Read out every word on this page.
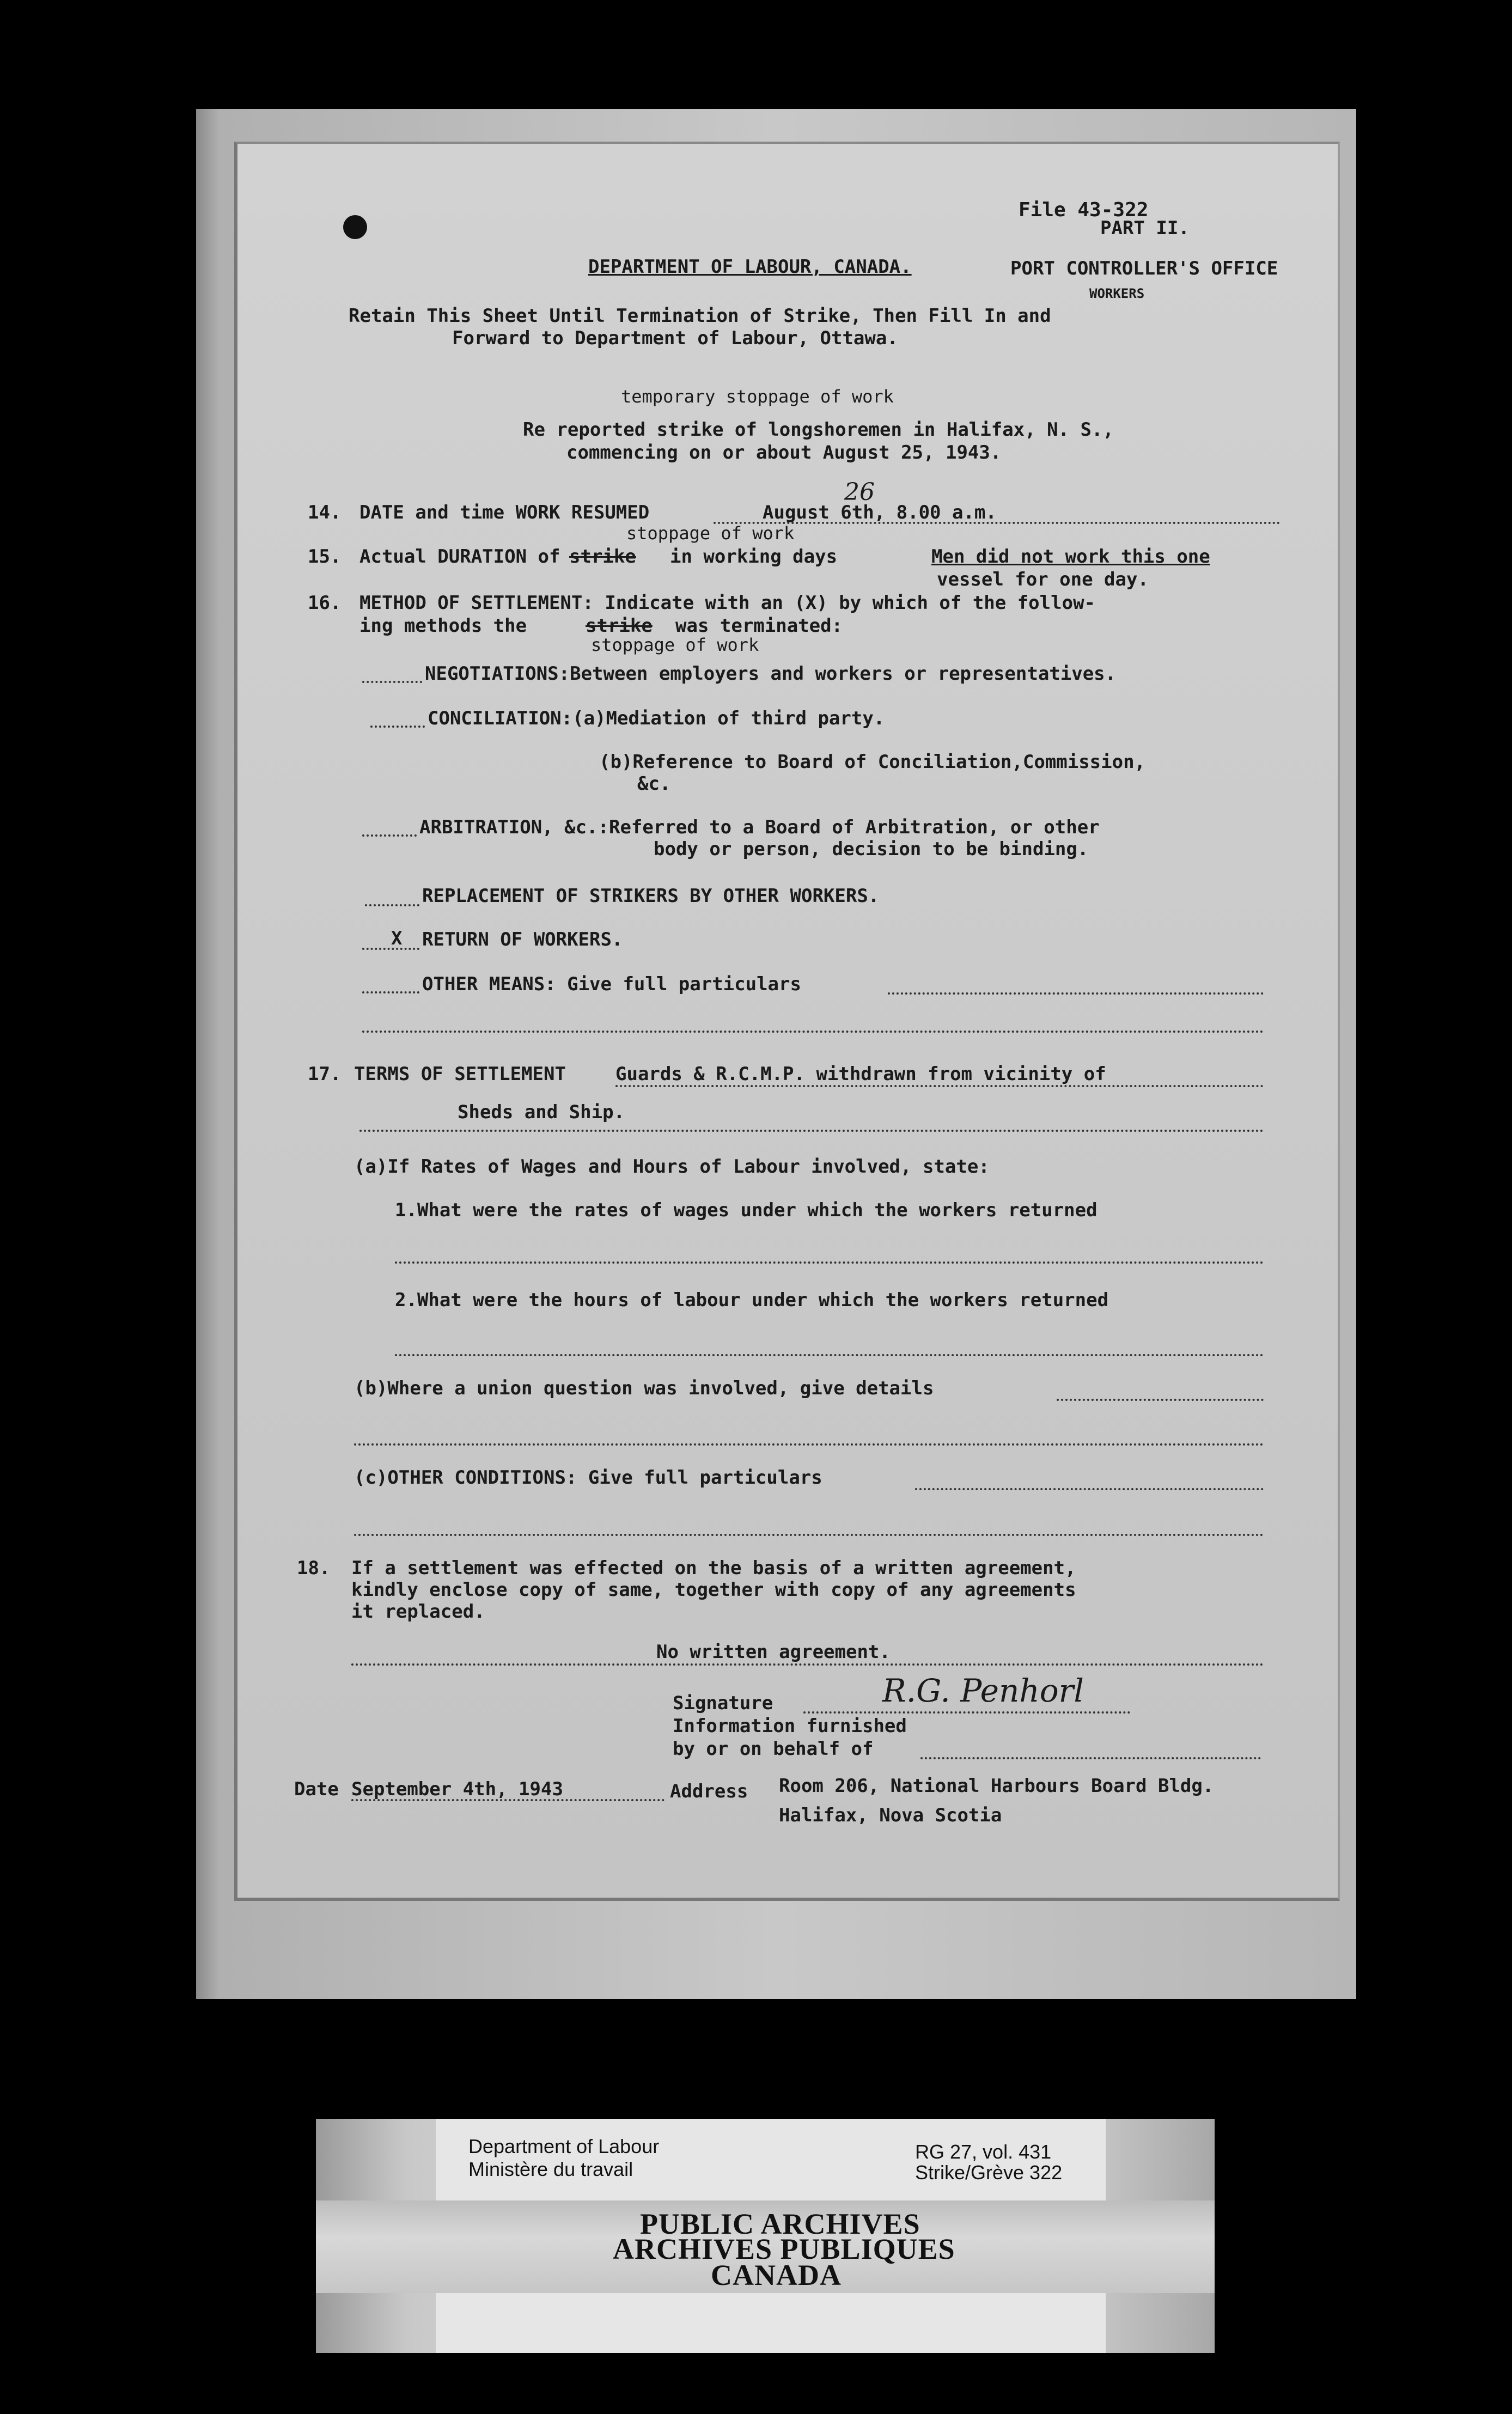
File 43-322
PART II.
DEPARTMENT OF LABOUR, CANADA.	PORT CONTROLLER'S OFFICE
WORKERS
Retain This Sheet Until Termination of Strike, Then Fill In and
Forward to Department of Labour, Ottawa.
temporary stoppage of work
Re reported strike of longshoremen in Halifax, N. S.,
commencing on or about August 25, 1943.
14. DATE and time WORK RESUMED	August 6th, 8.00 a.m.
26
stoppage of work
15. Actual DURATION of strike in working days	Men did not work this one
vessel for one day.
16. METHOD OF SETTLEMENT: Indicate with an (X) by which of the follow-
ing methods the	strike was terminated:
stoppage of work
NEGOTIATIONS:Between employers and workers or representatives.
CONCILIATION:(a)Mediation of third party.
(b)Reference to Board of Conciliation,Commission,
&c.
ARBITRATION, &c.:Referred to a Board of Arbitration, or other
body or person, decision to be binding.
REPLACEMENT OF STRIKERS BY OTHER WORKERS.
X RETURN OF WORKERS.
OTHER MEANS: Give full particulars
17. TERMS OF SETTLEMENT	Guards & R.C.M.P. withdrawn from vicinity of
Sheds and Ship.
(a)If Rates of Wages and Hours of Labour involved, state:
1.What were the rates of wages under which the workers returned
2.What were the hours of labour under which the workers returned
(b)Where a union question was involved, give details
(c)OTHER CONDITIONS: Give full particulars
18. If a settlement was effected on the basis of a written agreement,
kindly enclose copy of same, together with copy of any agreements
it replaced.
No written agreement.
Signature	R.G. Penhorl
Information furnished
by or on behalf of
Date September 4th, 1943	Address Room 206, National Harbours Board Bldg.
Halifax, Nova Scotia
Department of Labour
Ministère du travail
RG 27, vol. 431
Strike/Grève 322
PUBLIC ARCHIVES
ARCHIVES PUBLIQUES
CANADA
